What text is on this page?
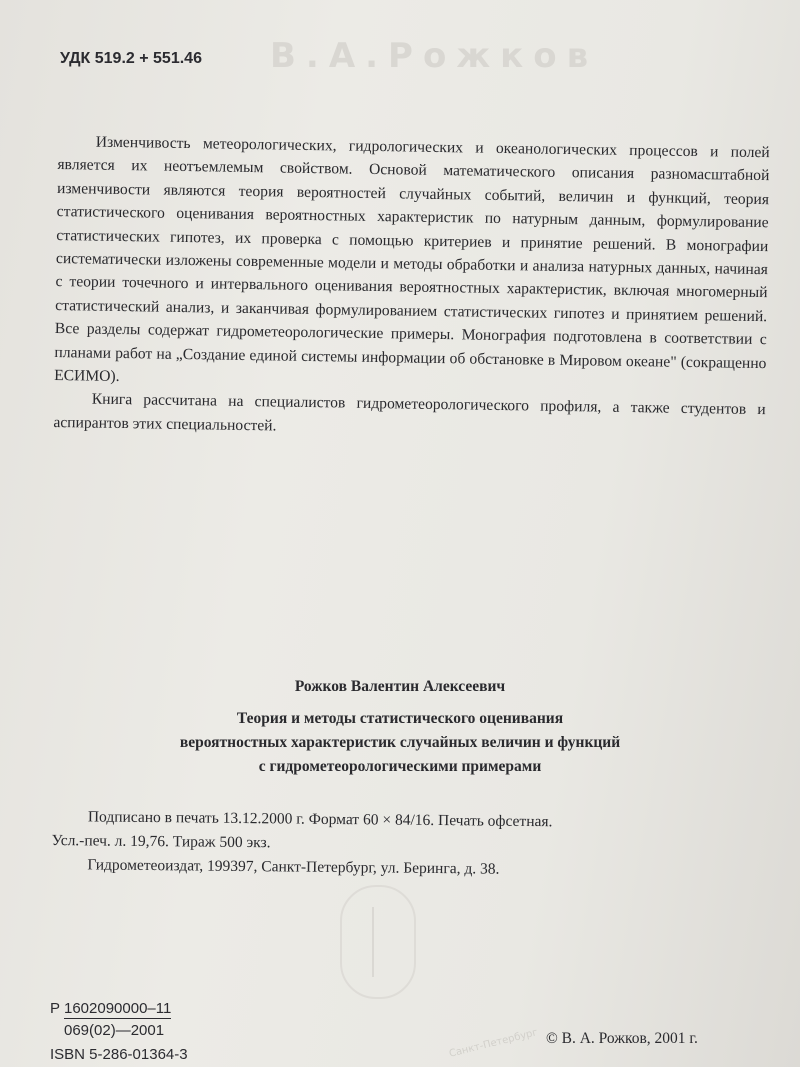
В.А.Рожков
УДК 519.2 + 551.46

Изменчивость метеорологических, гидрологических и океанологических процессов и полей является их неотъемлемым свойством. Основой математического описания разномасштабной изменчивости являются теория вероятностей случайных событий, величин и функций, теория статистического оценивания вероятностных характеристик по натурным данным, формулирование статистических гипотез, их проверка с помощью критериев и принятие решений. В монографии систематически изложены современные модели и методы обработки и анализа натурных данных, начиная с теории точечного и интервального оценивания вероятностных характеристик, включая многомерный статистический анализ, и заканчивая формулированием статистических гипотез и принятием решений. Все разделы содержат гидрометеорологические примеры. Монография подготовлена в соответствии с планами работ на „Создание единой системы информации об обстановке в Мировом океане" (сокращенно ЕСИМО).

Книга рассчитана на специалистов гидрометеорологического профиля, а также студентов и аспирантов этих специальностей.

Рожков Валентин Алексеевич
Теория и методы статистического оценивания
вероятностных характеристик случайных величин и функций
с гидрометеорологическими примерами
Подписано в печать 13.12.2000 г. Формат 60 × 84/16. Печать офсетная.
Усл.-печ. л. 19,76. Тираж 500 экз.
Гидрометеоиздат, 199397, Санкт-Петербург, ул. Беринга, д. 38.
Р 1602090000–11
069(02)—2001
ISBN 5-286-01364-3
© В. А. Рожков, 2001 г.
Санкт-Петербург
